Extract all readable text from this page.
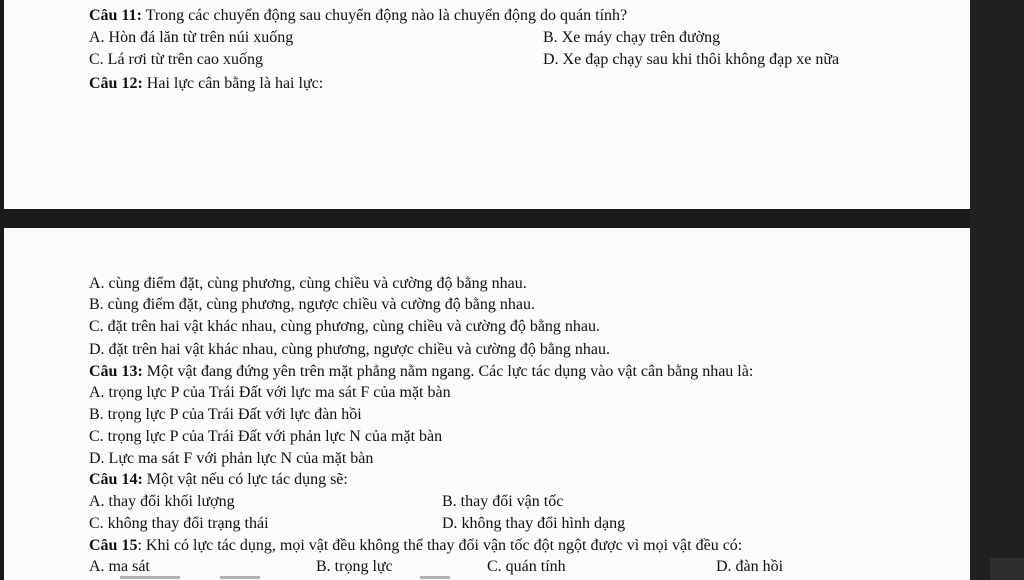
Câu 11: Trong các chuyển động sau chuyển động nào là chuyển động do quán tính?
A. Hòn đá lăn từ trên núi xuống	B. Xe máy chạy trên đường
C. Lá rơi từ trên cao xuống	D. Xe đạp chạy sau khi thôi không đạp xe nữa
Câu 12: Hai lực cân bằng là hai lực:
A. cùng điểm đặt, cùng phương, cùng chiều và cường độ bằng nhau.
B. cùng điểm đặt, cùng phương, ngược chiều và cường độ bằng nhau.
C. đặt trên hai vật khác nhau, cùng phương, cùng chiều và cường độ bằng nhau.
D. đặt trên hai vật khác nhau, cùng phương, ngược chiều và cường độ bằng nhau.
Câu 13: Một vật đang đứng yên trên mặt phẳng nằm ngang. Các lực tác dụng vào vật cân bằng nhau là:
A. trọng lực P của Trái Đất với lực ma sát F của mặt bàn
B. trọng lực P của Trái Đất với lực đàn hồi
C. trọng lực P của Trái Đất với phản lực N của mặt bàn
D. Lực ma sát F với phản lực N của mặt bàn
Câu 14: Một vật nếu có lực tác dụng sẽ:
A. thay đổi khối lượng	B. thay đổi vận tốc
C. không thay đổi trạng thái	D. không thay đổi hình dạng
Câu 15: Khi có lực tác dụng, mọi vật đều không thể thay đổi vận tốc đột ngột được vì mọi vật đều có:
A. ma sát	B. trọng lực	C. quán tính	D. đàn hồi
